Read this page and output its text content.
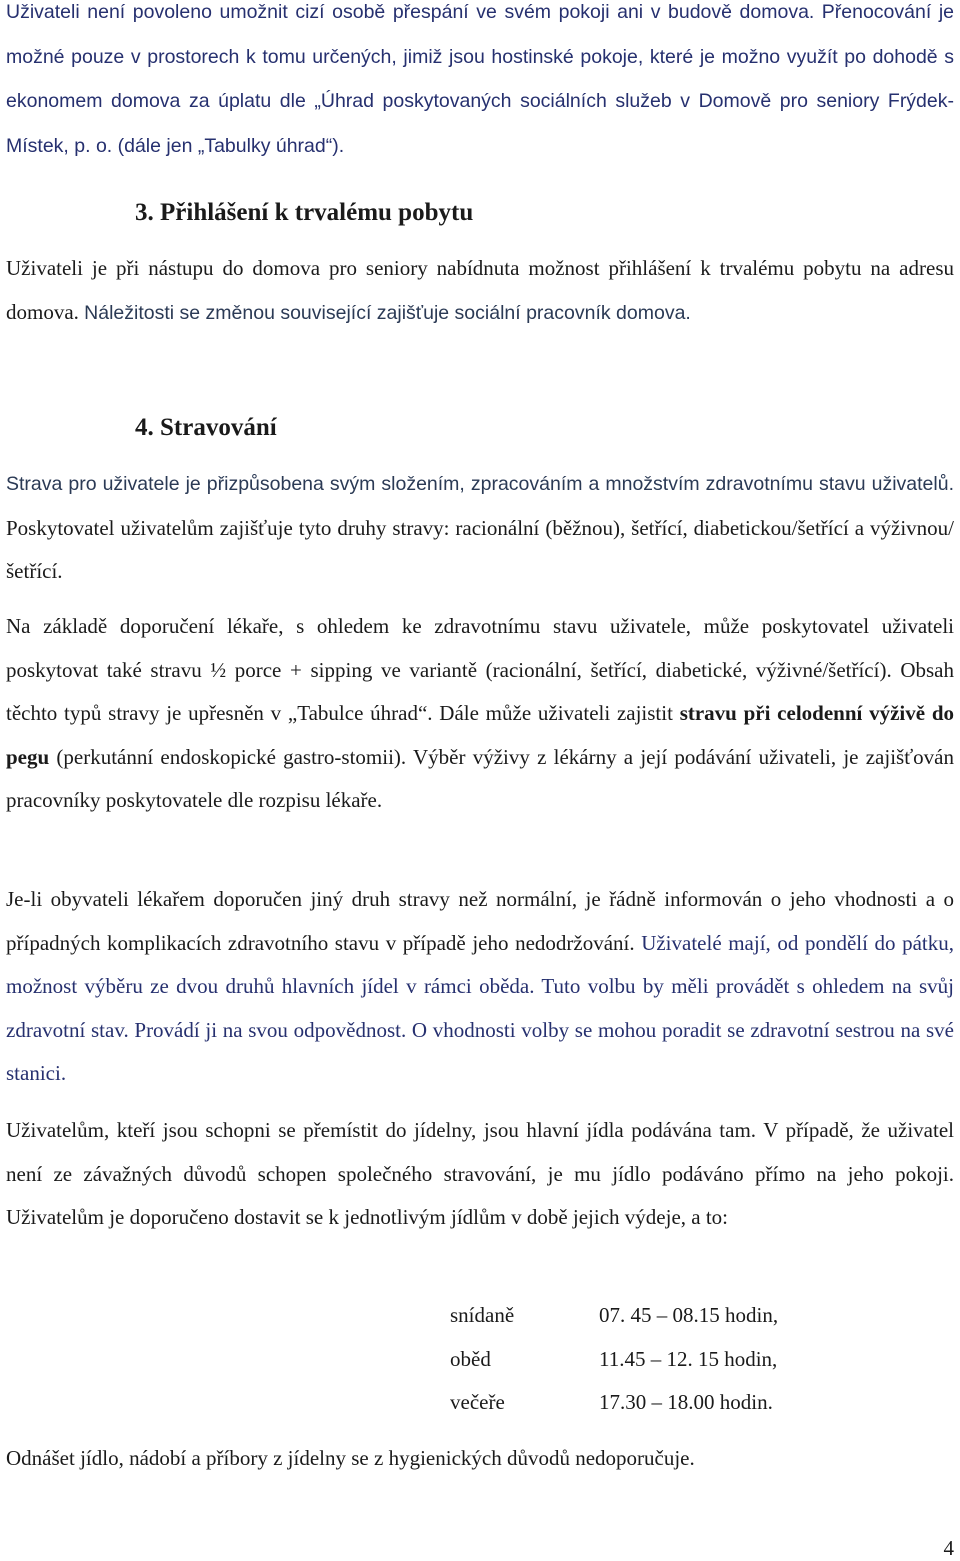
Uživateli není povoleno umožnit cizí osobě přespání ve svém pokoji ani v budově domova. Přenocování je možné pouze v prostorech k tomu určených, jimiž jsou hostinské pokoje, které je možno využít po dohodě s ekonomem domova za úplatu dle „Úhrad poskytovaných sociálních služeb v Domově pro seniory Frýdek-Místek, p. o. (dále jen „Tabulky úhrad“).

3. Přihlášení k trvalému pobytu

Uživateli je při nástupu do domova pro seniory nabídnuta možnost přihlášení k trvalému pobytu na adresu domova. Náležitosti se změnou související zajišťuje sociální pracovník domova.

4. Stravování

Strava pro uživatele je přizpůsobena svým složením, zpracováním a množstvím zdravotnímu stavu uživatelů. Poskytovatel uživatelům zajišťuje tyto druhy stravy: racionální (běžnou), šetřící, diabetickou/šetřící a výživnou/šetřící.

Na základě doporučení lékaře, s ohledem ke zdravotnímu stavu uživatele, může poskytovatel uživateli poskytovat také stravu ½ porce + sipping ve variantě (racionální, šetřící, diabetické, výživné/šetřící). Obsah těchto typů stravy je upřesněn v „Tabulce úhrad“. Dále může uživateli zajistit stravu při celodenní výživě do pegu (perkutánní endoskopické gastro-stomii). Výběr výživy z lékárny a její podávání uživateli, je zajišťován pracovníky poskytovatele dle rozpisu lékaře.

Je-li obyvateli lékařem doporučen jiný druh stravy než normální, je řádně informován o jeho vhodnosti a o případných komplikacích zdravotního stavu v případě jeho nedodržování. Uživatelé mají, od pondělí do pátku, možnost výběru ze dvou druhů hlavních jídel v rámci oběda. Tuto volbu by měli provádět s ohledem na svůj zdravotní stav. Provádí ji na svou odpovědnost. O vhodnosti volby se mohou poradit se zdravotní sestrou na své stanici.

Uživatelům, kteří jsou schopni se přemístit do jídelny, jsou hlavní jídla podávána tam. V případě, že uživatel není ze závažných důvodů schopen společného stravování, je mu jídlo podáváno přímo na jeho pokoji. Uživatelům je doporučeno dostavit se k jednotlivým jídlům v době jejich výdeje, a to:

snídaně	07. 45 – 08.15 hodin,
oběd	11.45 – 12. 15 hodin,
večeře	17.30 – 18.00 hodin.

Odnášet jídlo, nádobí a příbory z jídelny se z hygienických důvodů nedoporučuje.

4
